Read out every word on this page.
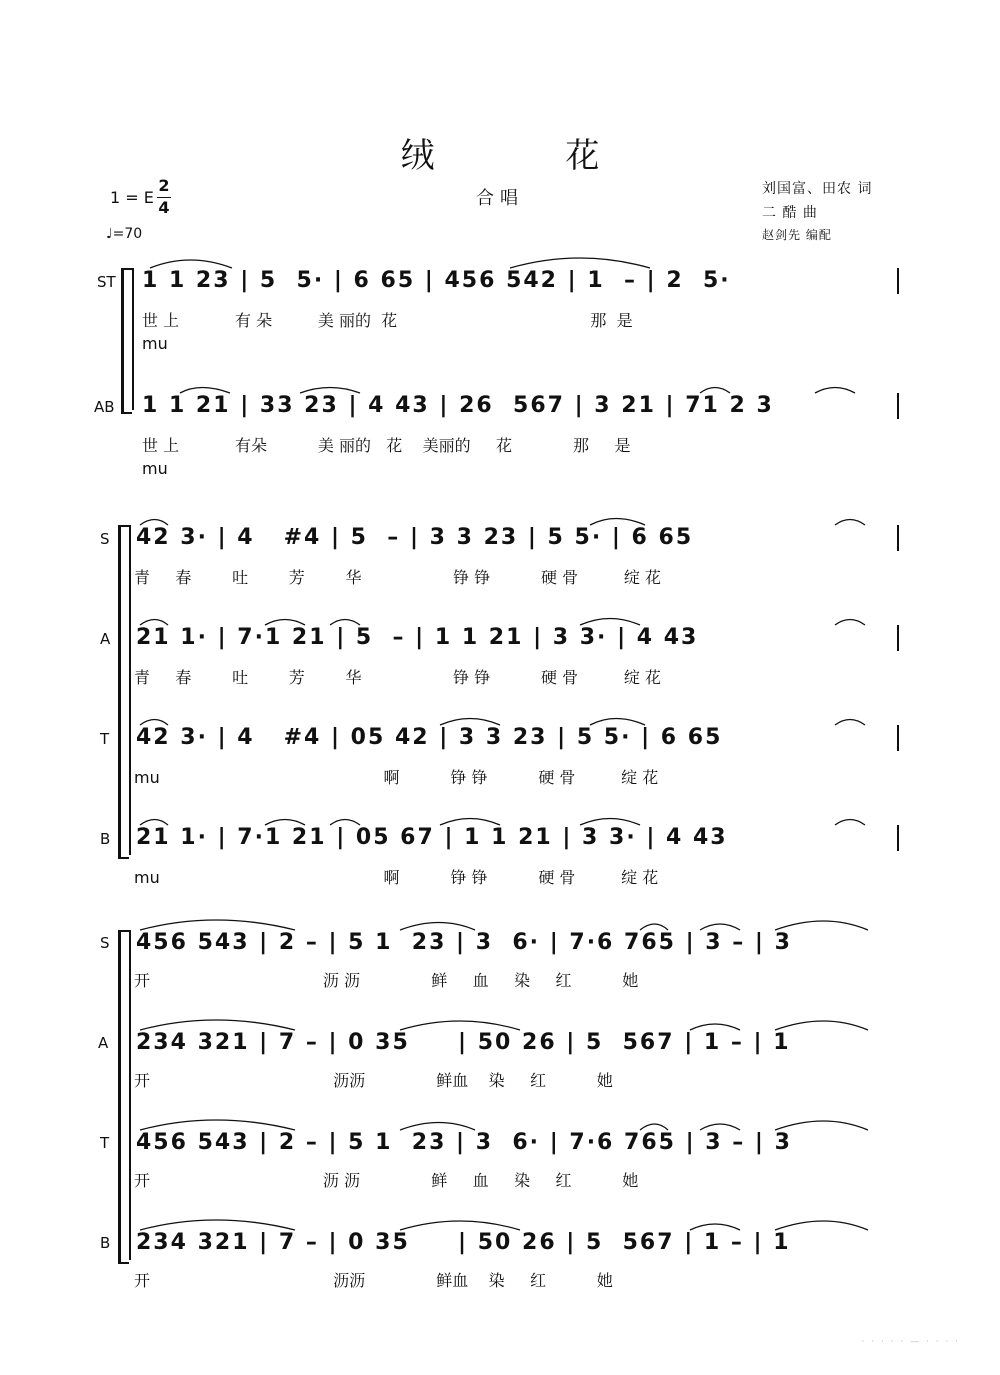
绒 花
合唱
1 = E
2
4
♩=70
刘国富、田农 词
二 酷 曲
赵剑先 编配
ST
AB
1 1 23 | 5  5· | 6 65 | 456 542 | 1  – | 2  5·
世 上           有 朵         美 丽的  花                                      那  是
mu
1 1 21 | 33 23 | 4 43 | 26  567 | 3 21 | 71 2 3
世 上           有朵          美 丽的   花    美丽的     花            那     是
mu
S
A
T
B
42 3· | 4   #4 | 5  – | 3 3 23 | 5 5· | 6 65
青     春        吐        芳        华                  铮 铮          硬 骨         绽 花
21 1· | 7·1 21 | 5  – | 1 1 21 | 3 3· | 4 43
青     春        吐        芳        华                  铮 铮          硬 骨         绽 花
42 3· | 4   #4 | 05 42 | 3 3 23 | 5 5· | 6 65
mu                                            啊          铮 铮          硬 骨         绽 花
21 1· | 7·1 21 | 05 67 | 1 1 21 | 3 3· | 4 43
mu                                            啊          铮 铮          硬 骨         绽 花
S
A
T
B
456 543 | 2 – | 5 1  23 | 3  6· | 7·6 765 | 3 – | 3
开                                  沥 沥              鲜     血     染     红          她
234 321 | 7 – | 0 35     | 50 26 | 5  567 | 1 – | 1
开                                    沥沥              鲜血    染     红          她
456 543 | 2 – | 5 1  23 | 3  6· | 7·6 765 | 3 – | 3
开                                  沥 沥              鲜     血     染     红          她
234 321 | 7 – | 0 35     | 50 26 | 5  567 | 1 – | 1
开                                    沥沥              鲜血    染     红          她
· · · · · — · · · ·
